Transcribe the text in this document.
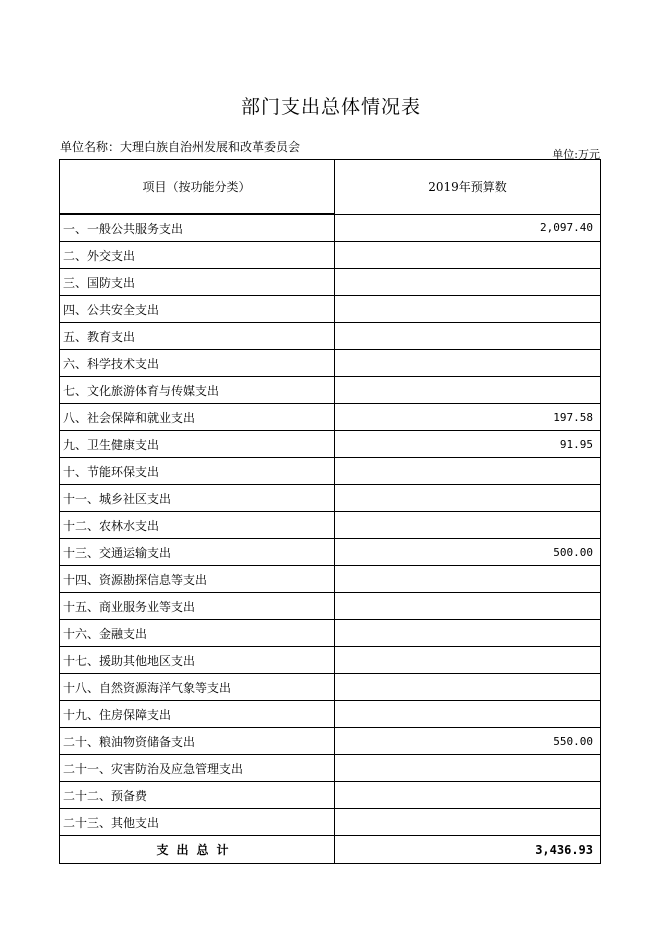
部门支出总体情况表
单位名称：大理白族自治州发展和改革委员会
单位:万元
项目（按功能分类）	2019年预算数
一、一般公共服务支出	2,097.40
二、外交支出	
三、国防支出	
四、公共安全支出	
五、教育支出	
六、科学技术支出	
七、文化旅游体育与传媒支出	
八、社会保障和就业支出	197.58
九、卫生健康支出	91.95
十、节能环保支出	
十一、城乡社区支出	
十二、农林水支出	
十三、交通运输支出	500.00
十四、资源勘探信息等支出	
十五、商业服务业等支出	
十六、金融支出	
十七、援助其他地区支出	
十八、自然资源海洋气象等支出	
十九、住房保障支出	
二十、粮油物资储备支出	550.00
二十一、灾害防治及应急管理支出	
二十二、预备费	
二十三、其他支出	
支出总计	3,436.93
